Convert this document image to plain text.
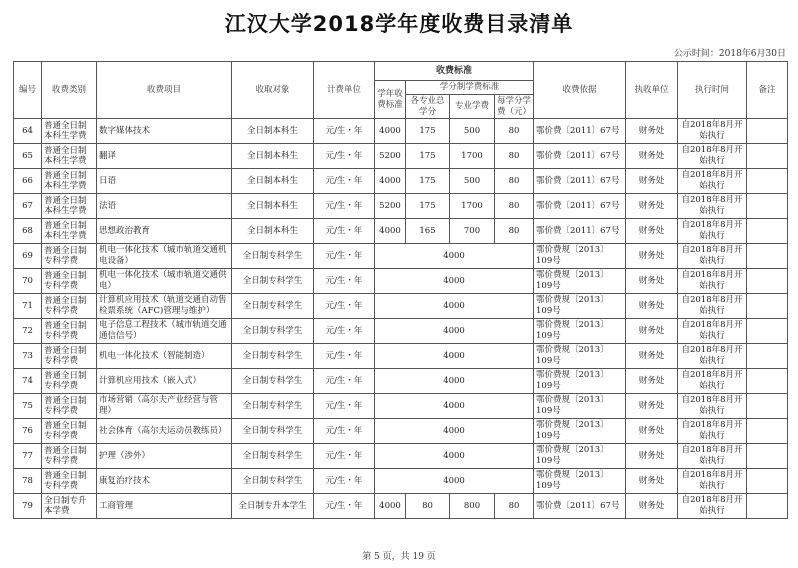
江汉大学2018学年度收费目录清单
公示时间：2018年6月30日
编号	收费类别	收费项目	收取对象	计费单位	收费标准				收费依据	执收单位	执行时间	备注
					学年收费标准	学分制学费标准						
						各专业总学分	专业学费	每学分学费（元）				
64	普通全日制本科生学费	数字媒体技术	全日制本科生	元/生・年	4000	175	500	80	鄂价费〔2011〕67号	财务处	自2018年8月开始执行	
65	普通全日制本科生学费	翻译	全日制本科生	元/生・年	5200	175	1700	80	鄂价费〔2011〕67号	财务处	自2018年8月开始执行	
66	普通全日制本科生学费	日语	全日制本科生	元/生・年	4000	175	500	80	鄂价费〔2011〕67号	财务处	自2018年8月开始执行	
67	普通全日制本科生学费	法语	全日制本科生	元/生・年	5200	175	1700	80	鄂价费〔2011〕67号	财务处	自2018年8月开始执行	
68	普通全日制本科生学费	思想政治教育	全日制本科生	元/生・年	4000	165	700	80	鄂价费〔2011〕67号	财务处	自2018年8月开始执行	
69	普通全日制专科学费	机电一体化技术（城市轨道交通机电设备）	全日制专科学生	元/生・年	4000				鄂价费规〔2013〕109号	财务处	自2018年8月开始执行	
70	普通全日制专科学费	机电一体化技术（城市轨道交通供电）	全日制专科学生	元/生・年	4000				鄂价费规〔2013〕109号	财务处	自2018年8月开始执行	
71	普通全日制专科学费	计算机应用技术（轨道交通自动售检票系统（AFC)管理与维护）	全日制专科学生	元/生・年	4000				鄂价费规〔2013〕109号	财务处	自2018年8月开始执行	
72	普通全日制专科学费	电子信息工程技术（城市轨道交通通信信号）	全日制专科学生	元/生・年	4000				鄂价费规〔2013〕109号	财务处	自2018年8月开始执行	
73	普通全日制专科学费	机电一体化技术（智能制造）	全日制专科学生	元/生・年	4000				鄂价费规〔2013〕109号	财务处	自2018年8月开始执行	
74	普通全日制专科学费	计算机应用技术（嵌入式）	全日制专科学生	元/生・年	4000				鄂价费规〔2013〕109号	财务处	自2018年8月开始执行	
75	普通全日制专科学费	市场营销（高尔夫产业经营与管理）	全日制专科学生	元/生・年	4000				鄂价费规〔2013〕109号	财务处	自2018年8月开始执行	
76	普通全日制专科学费	社会体育（高尔夫运动员教练员）	全日制专科学生	元/生・年	4000				鄂价费规〔2013〕109号	财务处	自2018年8月开始执行	
77	普通全日制专科学费	护理（涉外）	全日制专科学生	元/生・年	4000				鄂价费规〔2013〕109号	财务处	自2018年8月开始执行	
78	普通全日制专科学费	康复治疗技术	全日制专科学生	元/生・年	4000				鄂价费规〔2013〕109号	财务处	自2018年8月开始执行	
79	全日制专升本学费	工商管理	全日制专升本学生	元/生・年	4000	80	800	80	鄂价费〔2011〕67号	财务处	自2018年8月开始执行	
第 5 页，共 19 页
